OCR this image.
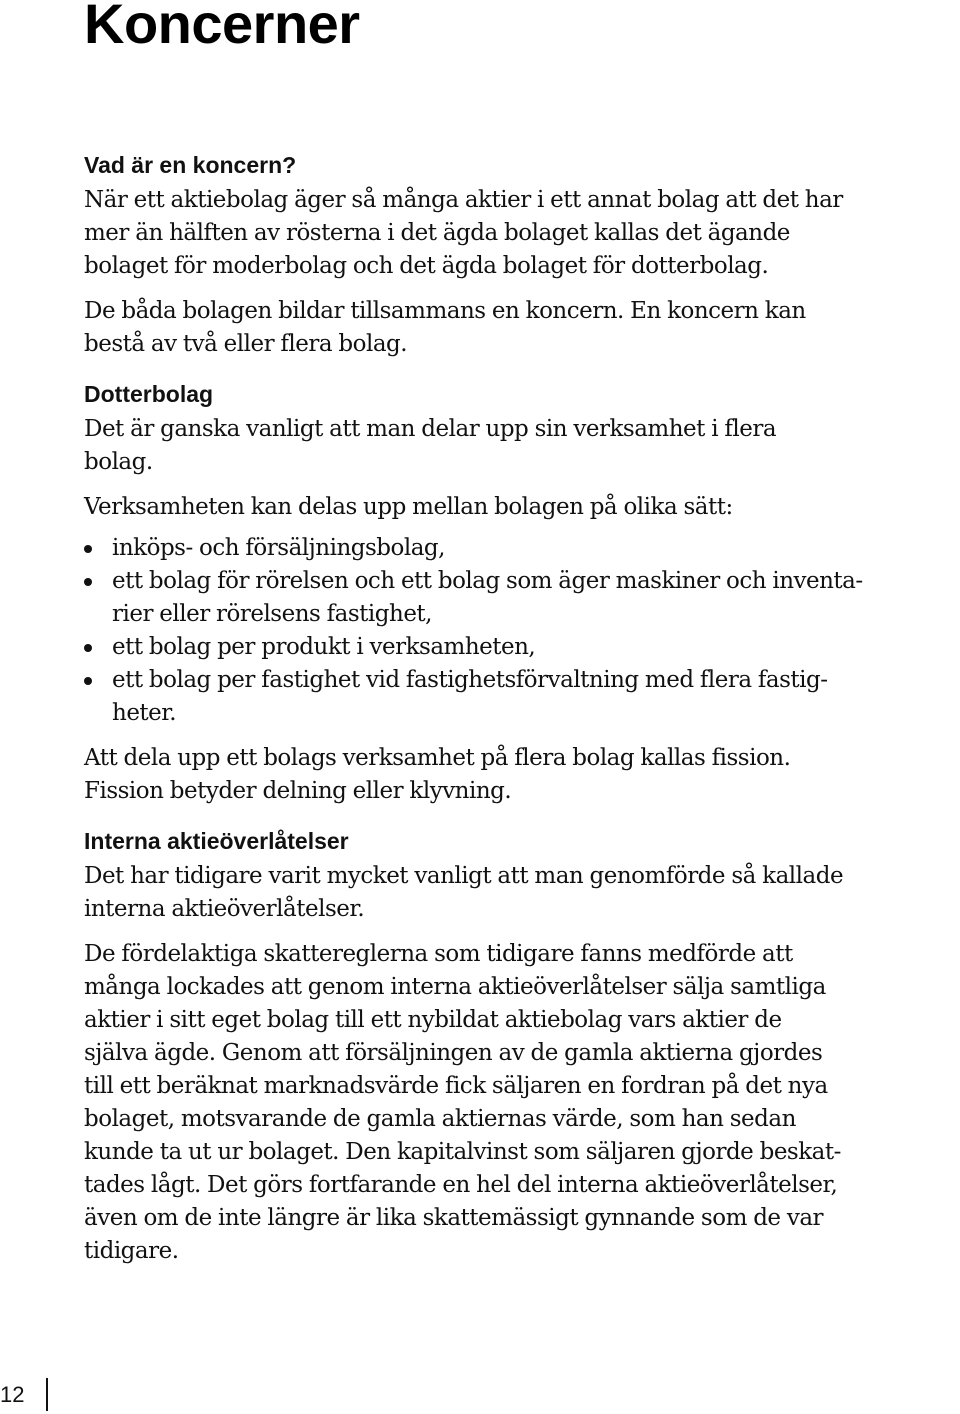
Koncerner
Vad är en koncern?

När ett aktiebolag äger så många aktier i ett annat bolag att det har
mer än hälften av rösterna i det ägda bolaget kallas det ägande
bolaget för moderbolag och det ägda bolaget för dotterbolag.

De båda bolagen bildar tillsammans en koncern. En koncern kan
bestå av två eller flera bolag.

Dotterbolag

Det är ganska vanligt att man delar upp sin verksamhet i flera
bolag.

Verksamheten kan delas upp mellan bolagen på olika sätt:

inköps- och försäljningsbolag,
ett bolag för rörelsen och ett bolag som äger maskiner och inventa-
rier eller rörelsens fastighet,
ett bolag per produkt i verksamheten,
ett bolag per fastighet vid fastighetsförvaltning med flera fastig-
heter.

Att dela upp ett bolags verksamhet på flera bolag kallas fission.
Fission betyder delning eller klyvning.

Interna aktieöverlåtelser

Det har tidigare varit mycket vanligt att man genomförde så kallade
interna aktieöverlåtelser.

De fördelaktiga skattereglerna som tidigare fanns medförde att
många lockades att genom interna aktieöverlåtelser sälja samtliga
aktier i sitt eget bolag till ett nybildat aktiebolag vars aktier de
själva ägde. Genom att försäljningen av de gamla aktierna gjordes
till ett beräknat marknadsvärde fick säljaren en fordran på det nya
bolaget, motsvarande de gamla aktiernas värde, som han sedan
kunde ta ut ur bolaget. Den kapitalvinst som säljaren gjorde beskat-
tades lågt. Det görs fortfarande en hel del interna aktieöverlåtelser,
även om de inte längre är lika skattemässigt gynnande som de var
tidigare.

12
